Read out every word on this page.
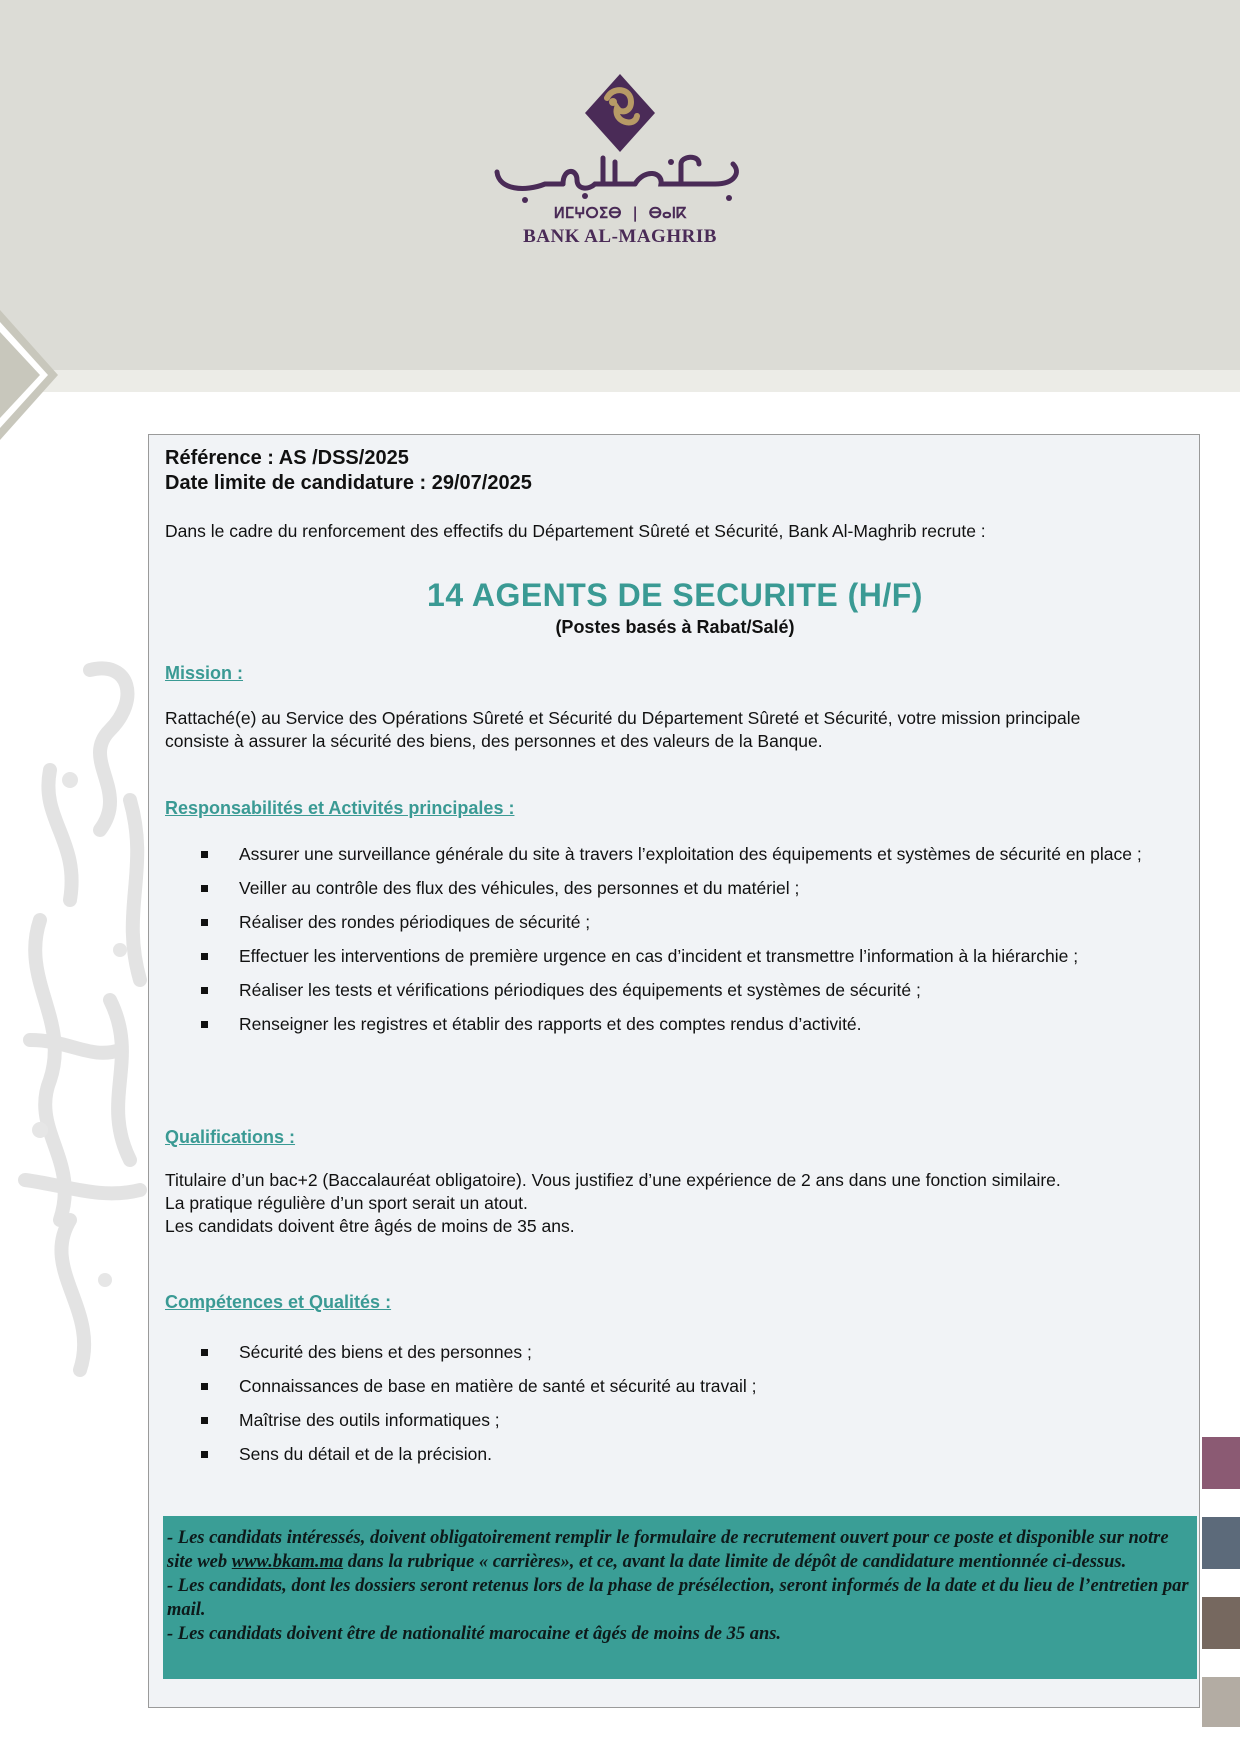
ⵍⵎⵖⵔⵉⴱ | ⴱⴰⵏⴽ
BANK AL-MAGHRIB
Référence : AS /DSS/2025
Date limite de candidature : 29/07/2025
Dans le cadre du renforcement des effectifs du Département Sûreté et Sécurité, Bank Al-Maghrib recrute :
14 AGENTS DE SECURITE (H/F)
(Postes basés à Rabat/Salé)
Mission :
Rattaché(e) au Service des Opérations Sûreté et Sécurité du Département Sûreté et Sécurité, votre mission principale
consiste à assurer la sécurité des biens, des personnes et des valeurs de la Banque.
Responsabilités et Activités principales :
Assurer une surveillance générale du site à travers l’exploitation des équipements et systèmes de sécurité en place ;
Veiller au contrôle des flux des véhicules, des personnes et du matériel ;
Réaliser des rondes périodiques de sécurité ;
Effectuer les interventions de première urgence en cas d’incident et transmettre l’information à la hiérarchie ;
Réaliser les tests et vérifications périodiques des équipements et systèmes de sécurité ;
Renseigner les registres et établir des rapports et des comptes rendus d’activité.
Qualifications :
Titulaire d’un bac+2 (Baccalauréat obligatoire). Vous justifiez d’une expérience de 2 ans dans une fonction similaire.
La pratique régulière d’un sport serait un atout.
Les candidats doivent être âgés de moins de 35 ans.
Compétences et Qualités :
Sécurité des biens et des personnes ;
Connaissances de base en matière de santé et sécurité au travail ;
Maîtrise des outils informatiques ;
Sens du détail et de la précision.

- Les candidats intéressés, doivent obligatoirement remplir le formulaire de recrutement ouvert pour ce poste et disponible sur notre site web www.bkam.ma dans la rubrique « carrières», et ce, avant la date limite de dépôt de candidature mentionnée ci-dessus.

- Les candidats, dont les dossiers seront retenus lors de la phase de présélection, seront informés de la date et du lieu de l’entretien par mail.

- Les candidats doivent être de nationalité marocaine et âgés de moins de 35 ans.
